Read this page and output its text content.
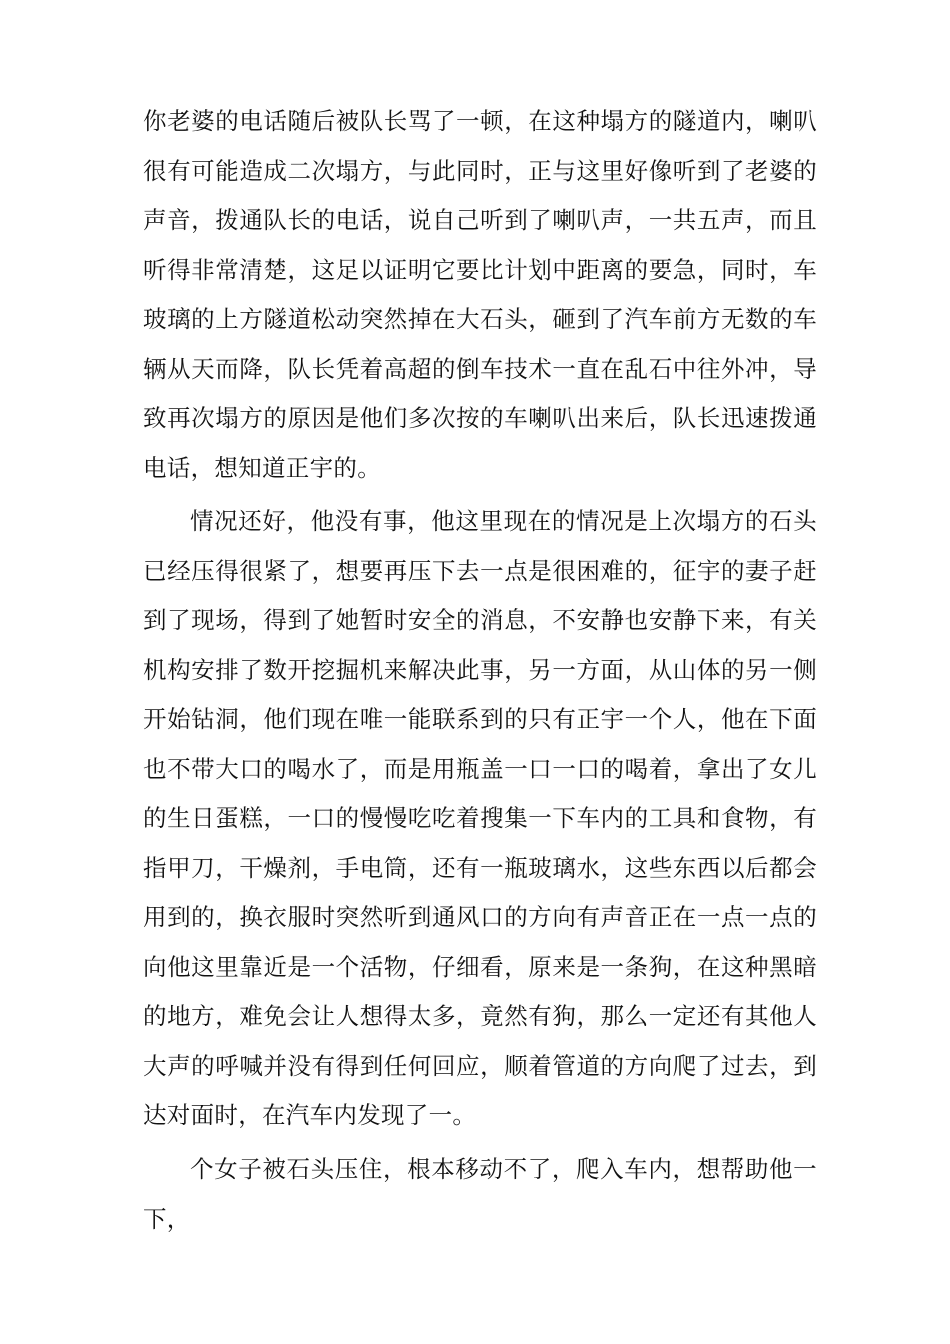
你老婆的电话随后被队长骂了一顿，在这种塌方的隧道内，喇叭很有可能造成二次塌方，与此同时，正与这里好像听到了老婆的声音，拨通队长的电话，说自己听到了喇叭声，一共五声，而且听得非常清楚，这足以证明它要比计划中距离的要急，同时，车玻璃的上方隧道松动突然掉在大石头，砸到了汽车前方无数的车辆从天而降，队长凭着高超的倒车技术一直在乱石中往外冲，导致再次塌方的原因是他们多次按的车喇叭出来后，队长迅速拨通电话，想知道正宇的。

情况还好，他没有事，他这里现在的情况是上次塌方的石头已经压得很紧了，想要再压下去一点是很困难的，征宇的妻子赶到了现场，得到了她暂时安全的消息，不安静也安静下来，有关机构安排了数开挖掘机来解决此事，另一方面，从山体的另一侧开始钻洞，他们现在唯一能联系到的只有正宇一个人，他在下面也不带大口的喝水了，而是用瓶盖一口一口的喝着，拿出了女儿的生日蛋糕，一口的慢慢吃吃着搜集一下车内的工具和食物，有指甲刀，干燥剂，手电筒，还有一瓶玻璃水，这些东西以后都会用到的，换衣服时突然听到通风口的方向有声音正在一点一点的向他这里靠近是一个活物，仔细看，原来是一条狗，在这种黑暗的地方，难免会让人想得太多，竟然有狗，那么一定还有其他人大声的呼喊并没有得到任何回应，顺着管道的方向爬了过去，到达对面时，在汽车内发现了一。

个女子被石头压住，根本移动不了，爬入车内，想帮助他一下，
